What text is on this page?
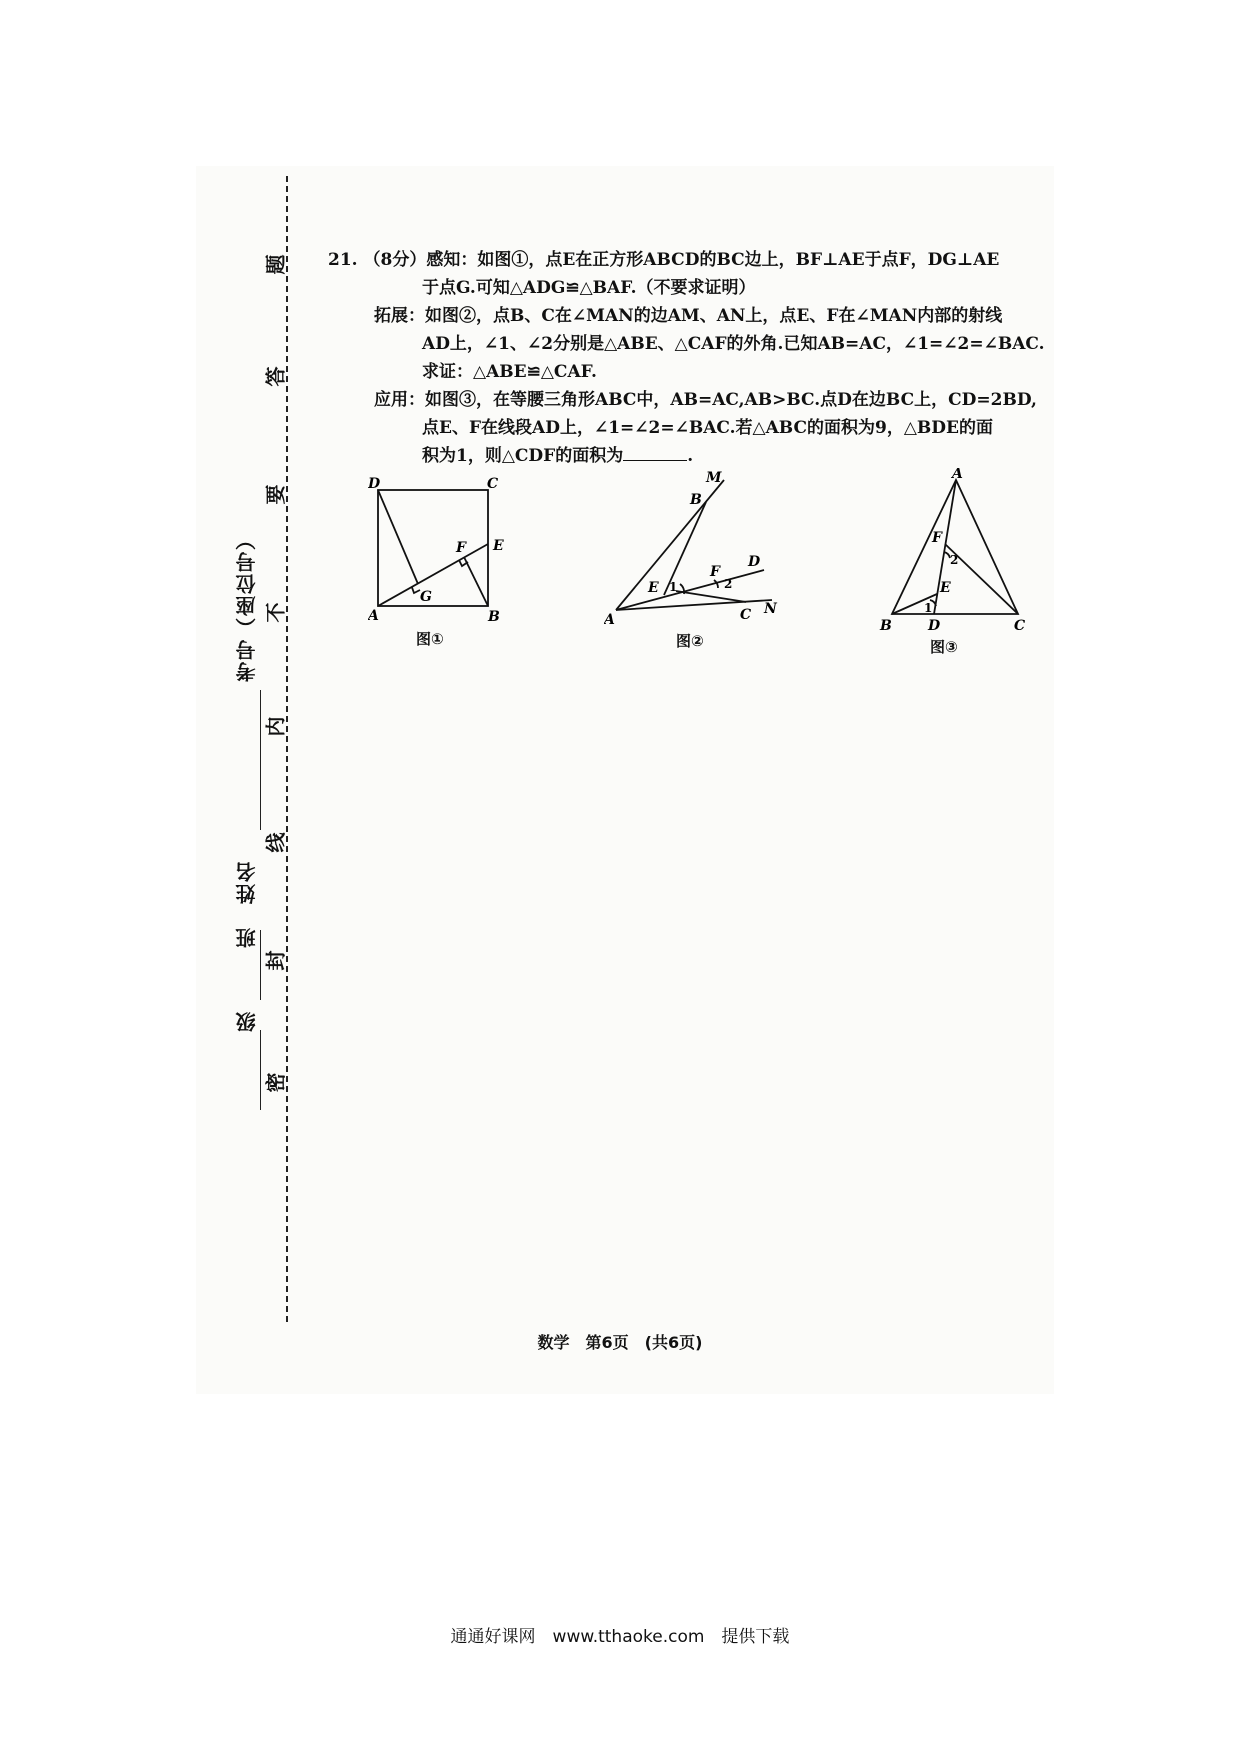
题
答
要
不
内
线
封
密
考号（座位号）
姓名
班
级

21. （8分）感知：如图①，点E在正方形ABCD的BC边上，BF⊥AE于点F，DG⊥AE

于点G.可知△ADG≌△BAF.（不要求证明）

拓展：如图②，点B、C在∠MAN的边AM、AN上，点E、F在∠MAN内部的射线

AD上，∠1、∠2分别是△ABE、△CAF的外角.已知AB=AC，∠1=∠2=∠BAC.

求证：△ABE≌△CAF.

应用：如图③，在等腰三角形ABC中，AB=AC,AB>BC.点D在边BC上，CD=2BD,

点E、F在线段AD上，∠1=∠2=∠BAC.若△ABC的面积为9，△BDE的面

积为1，则△CDF的面积为	.

D	C
A	B
E
F
G
图①
M
B
A
E 1
F
2
D
C N
图②
A
F
2
E
1
B	D	C
图③
数学　第6页　(共6页)
通通好课网　www.tthaoke.com　提供下载
